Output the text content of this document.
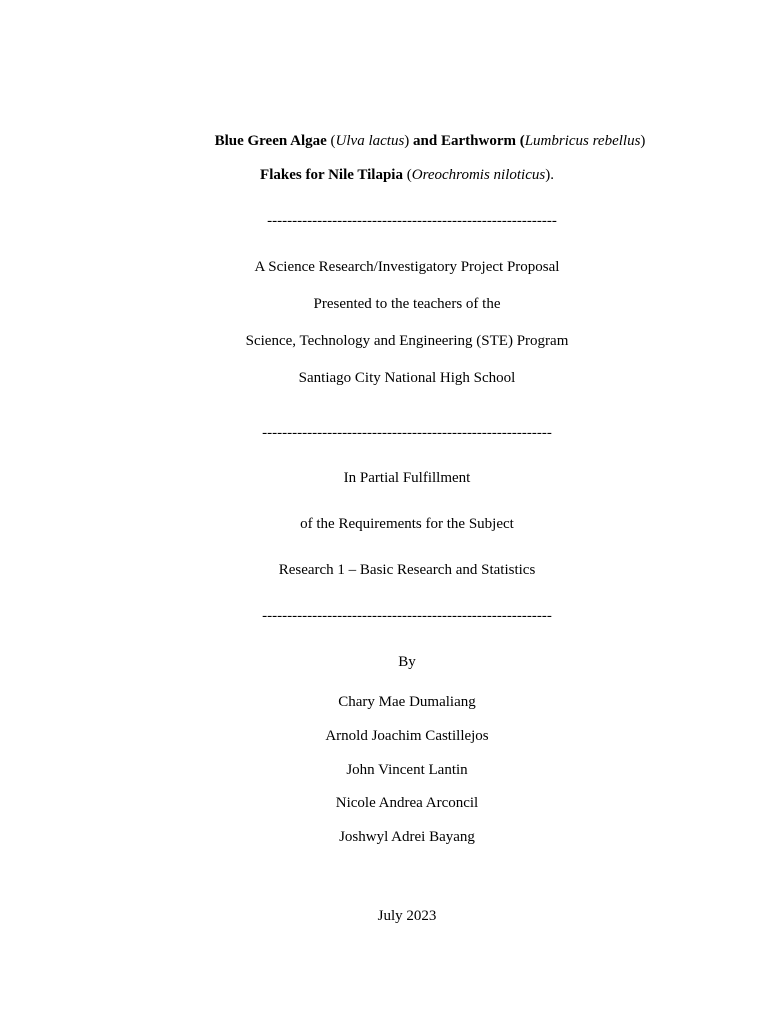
Blue Green Algae (Ulva lactus) and Earthworm (Lumbricus rebellus)
Flakes for Nile Tilapia (Oreochromis niloticus).
----------------------------------------------------------
A Science Research/Investigatory Project Proposal
Presented to the teachers of the
Science, Technology and Engineering (STE) Program
Santiago City National High School
----------------------------------------------------------
In Partial Fulfillment
of the Requirements for the Subject
Research 1 – Basic Research and Statistics
----------------------------------------------------------
By
Chary Mae Dumaliang
Arnold Joachim Castillejos
John Vincent Lantin
Nicole Andrea Arconcil
Joshwyl Adrei Bayang
July 2023
